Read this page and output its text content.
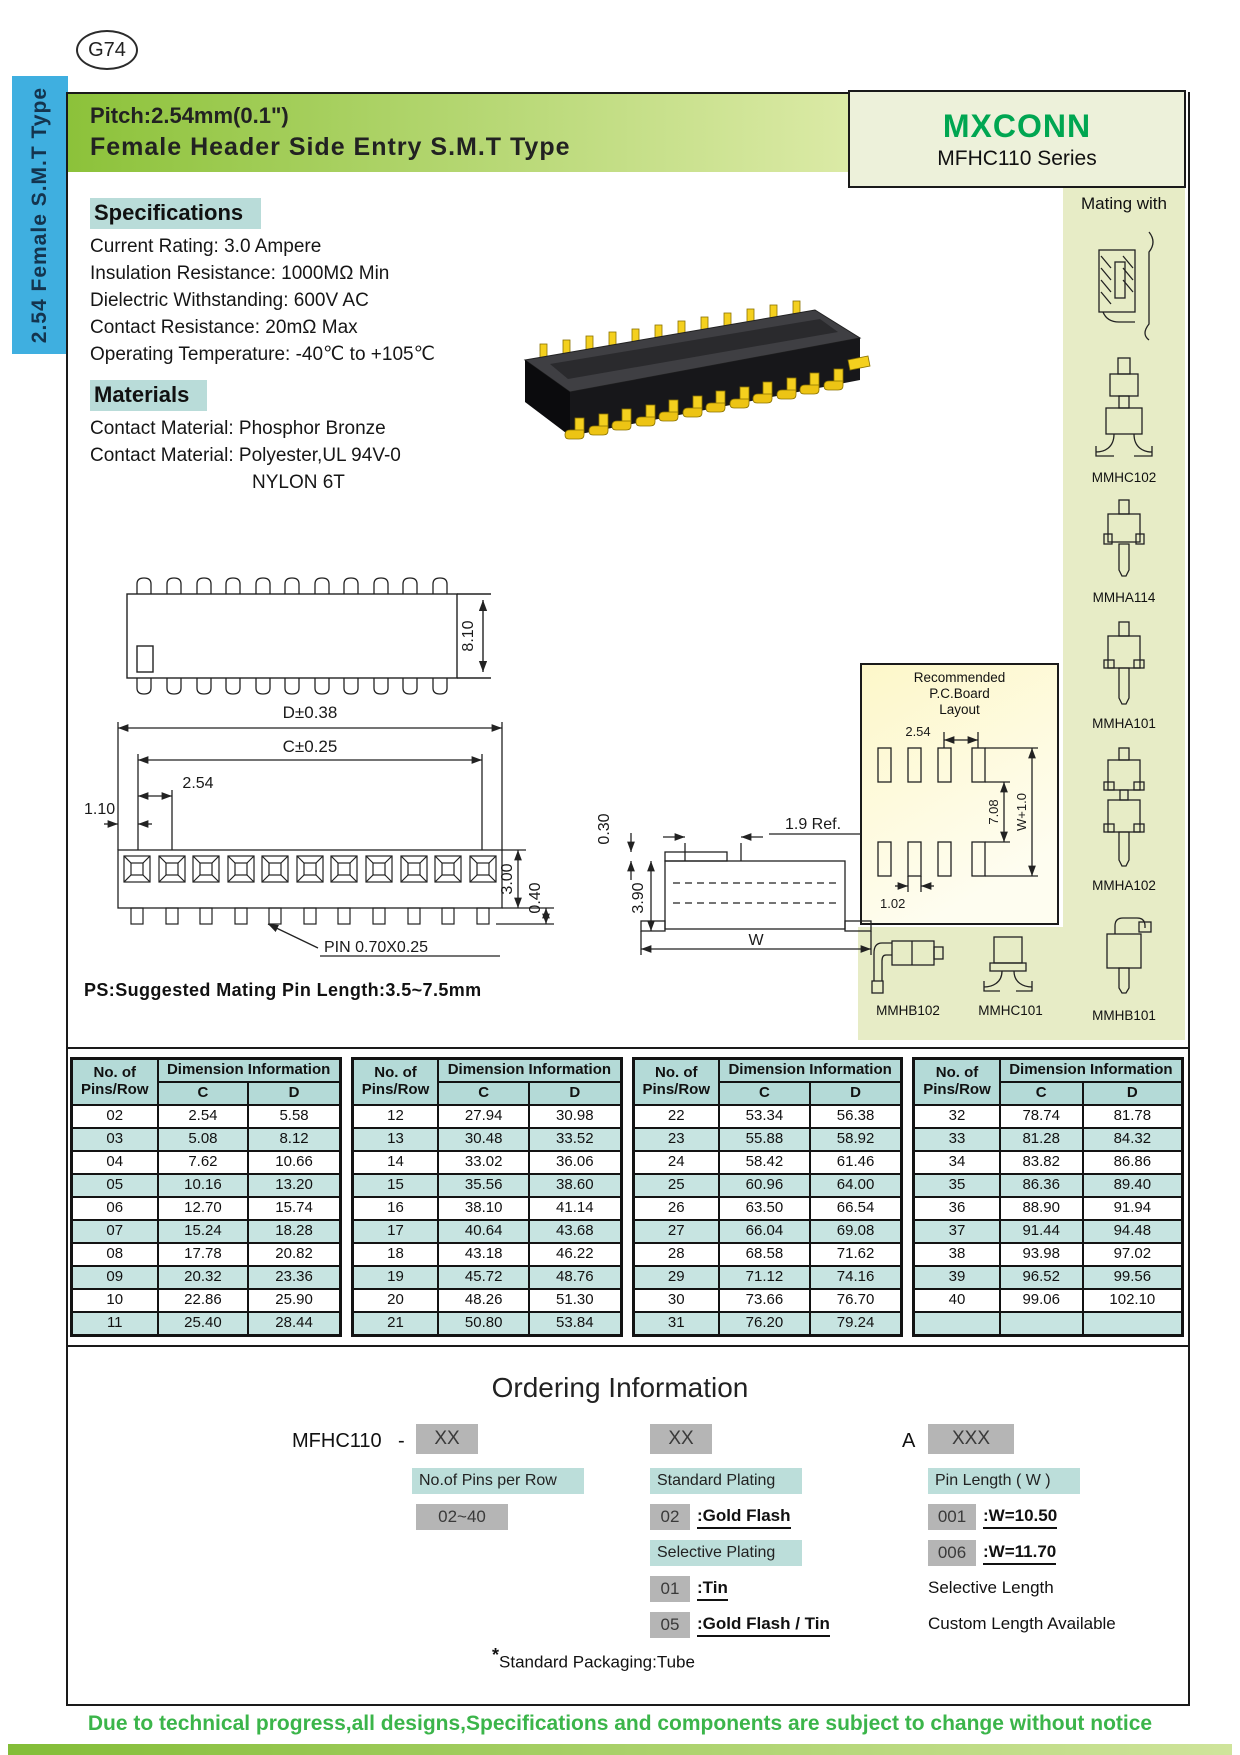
G74
2.54 Female S.M.T Type Pitch:2.54mm(0.1")
Female Header Side Entry S.M.T Type
MXCONN
MFHC110 Series
Specifications
Current Rating: 3.0 Ampere
Insulation Resistance: 1000MΩ Min
Dielectric Withstanding: 600V AC
Contact Resistance: 20mΩ Max
Operating Temperature: -40℃ to +105℃
Materials
Contact Material: Phosphor Bronze
Contact Material: Polyester,UL 94V-0
NYLON 6T
Mating with
MMHC102
MMHA114
MMHA101
MMHA102
MMHB101
MMHB102	MMHC101
Recommended
P.C.Board
Layout
2.54
7.08 W+1.0
1.02
8.10
D±0.38
C±0.25
2.54
1.10
3.00
0.40
PIN 0.70X0.25
0.30	1.9 Ref.
3.90
W
PS:Suggested Mating Pin Length:3.5~7.5mm
No. of
Pins/Row	Dimension Information	
	C	D
02	2.54	5.58
03	5.08	8.12
04	7.62	10.66
05	10.16	13.20
06	12.70	15.74
07	15.24	18.28
08	17.78	20.82
09	20.32	23.36
10	22.86	25.90
11	25.40	28.44
No. of
Pins/Row	Dimension Information	
	C	D
12	27.94	30.98
13	30.48	33.52
14	33.02	36.06
15	35.56	38.60
16	38.10	41.14
17	40.64	43.68
18	43.18	46.22
19	45.72	48.76
20	48.26	51.30
21	50.80	53.84
No. of
Pins/Row	Dimension Information	
	C	D
22	53.34	56.38
23	55.88	58.92
24	58.42	61.46
25	60.96	64.00
26	63.50	66.54
27	66.04	69.08
28	68.58	71.62
29	71.12	74.16
30	73.66	76.70
31	76.20	79.24
No. of
Pins/Row	Dimension Information	
	C	D
32	78.74	81.78
33	81.28	84.32
34	83.82	86.86
35	86.36	89.40
36	88.90	91.94
37	91.44	94.48
38	93.98	97.02
39	96.52	99.56
40	99.06	102.10

Ordering Information
MFHC110 - XX	XX	A XXX
No.of Pins per Row	Standard Plating	Pin Length ( W )
02~40	02 :Gold Flash	001 :W=10.50
Selective Plating	006 :W=11.70
01 :Tin	Selective Length
05 :Gold Flash / Tin	Custom Length Available
*Standard Packaging:Tube
Due to technical progress,all designs,Specifications and components are subject to change without notice
